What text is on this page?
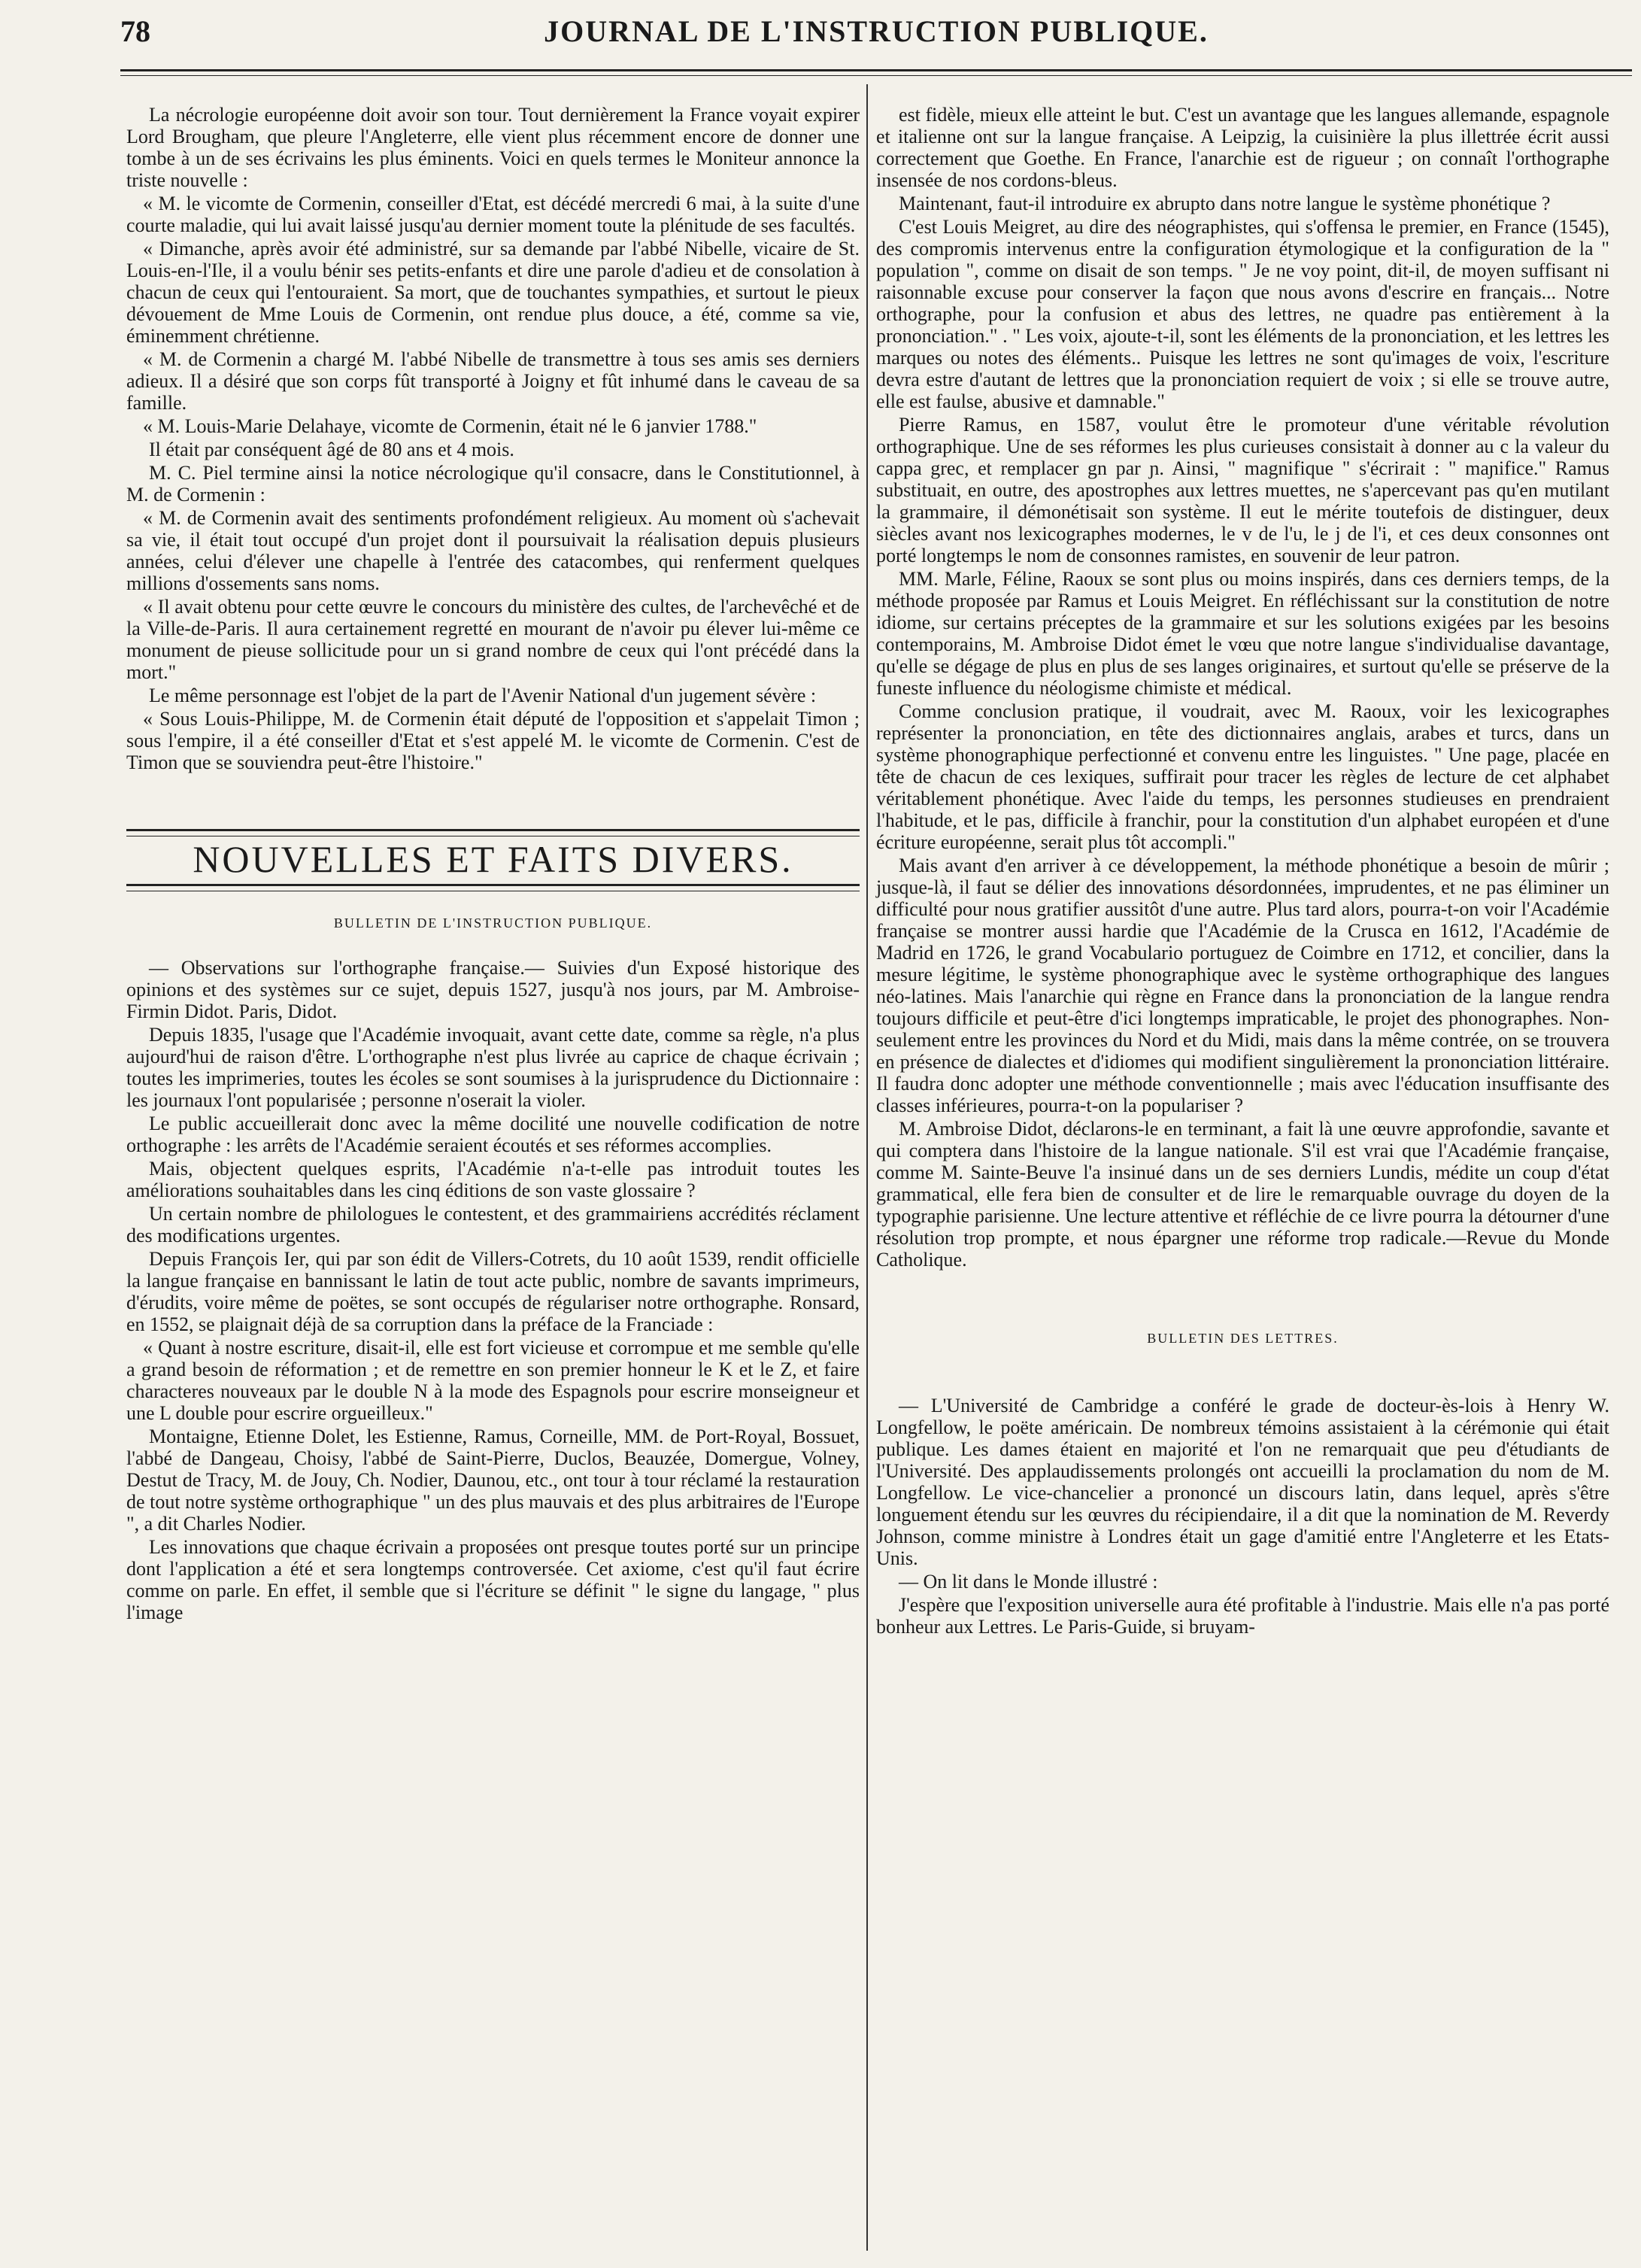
78	JOURNAL DE L'INSTRUCTION PUBLIQUE.

La nécrologie européenne doit avoir son tour. Tout dernièrement la France voyait expirer Lord Brougham, que pleure l'Angleterre, elle vient plus récemment encore de donner une tombe à un de ses écrivains les plus éminents. Voici en quels termes le Moniteur annonce la triste nouvelle :

« M. le vicomte de Cormenin, conseiller d'Etat, est décédé mercredi 6 mai, à la suite d'une courte maladie, qui lui avait laissé jusqu'au dernier moment toute la plénitude de ses facultés.

« Dimanche, après avoir été administré, sur sa demande par l'abbé Nibelle, vicaire de St. Louis-en-l'Ile, il a voulu bénir ses petits-enfants et dire une parole d'adieu et de consolation à chacun de ceux qui l'entouraient. Sa mort, que de touchantes sympathies, et surtout le pieux dévouement de Mme Louis de Cormenin, ont rendue plus douce, a été, comme sa vie, éminemment chrétienne.

« M. de Cormenin a chargé M. l'abbé Nibelle de transmettre à tous ses amis ses derniers adieux. Il a désiré que son corps fût transporté à Joigny et fût inhumé dans le caveau de sa famille.

« M. Louis-Marie Delahaye, vicomte de Cormenin, était né le 6 janvier 1788."

Il était par conséquent âgé de 80 ans et 4 mois.

M. C. Piel termine ainsi la notice nécrologique qu'il consacre, dans le Constitutionnel, à M. de Cormenin :

« M. de Cormenin avait des sentiments profondément religieux. Au moment où s'achevait sa vie, il était tout occupé d'un projet dont il poursuivait la réalisation depuis plusieurs années, celui d'élever une chapelle à l'entrée des catacombes, qui renferment quelques millions d'ossements sans noms.

« Il avait obtenu pour cette œuvre le concours du ministère des cultes, de l'archevêché et de la Ville-de-Paris. Il aura certainement regretté en mourant de n'avoir pu élever lui-même ce monument de pieuse sollicitude pour un si grand nombre de ceux qui l'ont précédé dans la mort."

Le même personnage est l'objet de la part de l'Avenir National d'un jugement sévère :

« Sous Louis-Philippe, M. de Cormenin était député de l'opposition et s'appelait Timon ; sous l'empire, il a été conseiller d'Etat et s'est appelé M. le vicomte de Cormenin. C'est de Timon que se souviendra peut-être l'histoire."

NOUVELLES ET FAITS DIVERS.
BULLETIN DE L'INSTRUCTION PUBLIQUE.

— Observations sur l'orthographe française.— Suivies d'un Exposé historique des opinions et des systèmes sur ce sujet, depuis 1527, jusqu'à nos jours, par M. Ambroise-Firmin Didot. Paris, Didot.

Depuis 1835, l'usage que l'Académie invoquait, avant cette date, comme sa règle, n'a plus aujourd'hui de raison d'être. L'orthographe n'est plus livrée au caprice de chaque écrivain ; toutes les imprimeries, toutes les écoles se sont soumises à la jurisprudence du Dictionnaire : les journaux l'ont popularisée ; personne n'oserait la violer.

Le public accueillerait donc avec la même docilité une nouvelle codification de notre orthographe : les arrêts de l'Académie seraient écoutés et ses réformes accomplies.

Mais, objectent quelques esprits, l'Académie n'a-t-elle pas introduit toutes les améliorations souhaitables dans les cinq éditions de son vaste glossaire ?

Un certain nombre de philologues le contestent, et des grammairiens accrédités réclament des modifications urgentes.

Depuis François Ier, qui par son édit de Villers-Cotrets, du 10 août 1539, rendit officielle la langue française en bannissant le latin de tout acte public, nombre de savants imprimeurs, d'érudits, voire même de poëtes, se sont occupés de régulariser notre orthographe. Ronsard, en 1552, se plaignait déjà de sa corruption dans la préface de la Franciade :

« Quant à nostre escriture, disait-il, elle est fort vicieuse et corrompue et me semble qu'elle a grand besoin de réformation ; et de remettre en son premier honneur le K et le Z, et faire characteres nouveaux par le double N à la mode des Espagnols pour escrire monseigneur et une L double pour escrire orgueilleux."

Montaigne, Etienne Dolet, les Estienne, Ramus, Corneille, MM. de Port-Royal, Bossuet, l'abbé de Dangeau, Choisy, l'abbé de Saint-Pierre, Duclos, Beauzée, Domergue, Volney, Destut de Tracy, M. de Jouy, Ch. Nodier, Daunou, etc., ont tour à tour réclamé la restauration de tout notre système orthographique " un des plus mauvais et des plus arbitraires de l'Europe ", a dit Charles Nodier.

Les innovations que chaque écrivain a proposées ont presque toutes porté sur un principe dont l'application a été et sera longtemps controversée. Cet axiome, c'est qu'il faut écrire comme on parle. En effet, il semble que si l'écriture se définit " le signe du langage, " plus l'image

est fidèle, mieux elle atteint le but. C'est un avantage que les langues allemande, espagnole et italienne ont sur la langue française. A Leipzig, la cuisinière la plus illettrée écrit aussi correctement que Goethe. En France, l'anarchie est de rigueur ; on connaît l'orthographe insensée de nos cordons-bleus.

Maintenant, faut-il introduire ex abrupto dans notre langue le système phonétique ?

C'est Louis Meigret, au dire des néographistes, qui s'offensa le premier, en France (1545), des compromis intervenus entre la configuration étymologique et la configuration de la " population ", comme on disait de son temps. " Je ne voy point, dit-il, de moyen suffisant ni raisonnable excuse pour conserver la façon que nous avons d'escrire en français... Notre orthographe, pour la confusion et abus des lettres, ne quadre pas entièrement à la prononciation." . " Les voix, ajoute-t-il, sont les éléments de la prononciation, et les lettres les marques ou notes des éléments.. Puisque les lettres ne sont qu'images de voix, l'escriture devra estre d'autant de lettres que la prononciation requiert de voix ; si elle se trouve autre, elle est faulse, abusive et damnable."

Pierre Ramus, en 1587, voulut être le promoteur d'une véritable révolution orthographique. Une de ses réformes les plus curieuses consistait à donner au c la valeur du cappa grec, et remplacer gn par ɲ. Ainsi, " magnifique " s'écrirait : " maɲifice." Ramus substituait, en outre, des apostrophes aux lettres muettes, ne s'apercevant pas qu'en mutilant la grammaire, il démonétisait son système. Il eut le mérite toutefois de distinguer, deux siècles avant nos lexicographes modernes, le v de l'u, le j de l'i, et ces deux consonnes ont porté longtemps le nom de consonnes ramistes, en souvenir de leur patron.

MM. Marle, Féline, Raoux se sont plus ou moins inspirés, dans ces derniers temps, de la méthode proposée par Ramus et Louis Meigret. En réfléchissant sur la constitution de notre idiome, sur certains préceptes de la grammaire et sur les solutions exigées par les besoins contemporains, M. Ambroise Didot émet le vœu que notre langue s'individualise davantage, qu'elle se dégage de plus en plus de ses langes originaires, et surtout qu'elle se préserve de la funeste influence du néologisme chimiste et médical.

Comme conclusion pratique, il voudrait, avec M. Raoux, voir les lexicographes représenter la prononciation, en tête des dictionnaires anglais, arabes et turcs, dans un système phonographique perfectionné et convenu entre les linguistes. " Une page, placée en tête de chacun de ces lexiques, suffirait pour tracer les règles de lecture de cet alphabet véritablement phonétique. Avec l'aide du temps, les personnes studieuses en prendraient l'habitude, et le pas, difficile à franchir, pour la constitution d'un alphabet européen et d'une écriture européenne, serait plus tôt accompli."

Mais avant d'en arriver à ce développement, la méthode phonétique a besoin de mûrir ; jusque-là, il faut se délier des innovations désordonnées, imprudentes, et ne pas éliminer un difficulté pour nous gratifier aussitôt d'une autre. Plus tard alors, pourra-t-on voir l'Académie française se montrer aussi hardie que l'Académie de la Crusca en 1612, l'Académie de Madrid en 1726, le grand Vocabulario portuguez de Coimbre en 1712, et concilier, dans la mesure légitime, le système phonographique avec le système orthographique des langues néo-latines. Mais l'anarchie qui règne en France dans la prononciation de la langue rendra toujours difficile et peut-être d'ici longtemps impraticable, le projet des phonographes. Non-seulement entre les provinces du Nord et du Midi, mais dans la même contrée, on se trouvera en présence de dialectes et d'idiomes qui modifient singulièrement la prononciation littéraire. Il faudra donc adopter une méthode conventionnelle ; mais avec l'éducation insuffisante des classes inférieures, pourra-t-on la populariser ?

M. Ambroise Didot, déclarons-le en terminant, a fait là une œuvre approfondie, savante et qui comptera dans l'histoire de la langue nationale. S'il est vrai que l'Académie française, comme M. Sainte-Beuve l'a insinué dans un de ses derniers Lundis, médite un coup d'état grammatical, elle fera bien de consulter et de lire le remarquable ouvrage du doyen de la typographie parisienne. Une lecture attentive et réfléchie de ce livre pourra la détourner d'une résolution trop prompte, et nous épargner une réforme trop radicale.—Revue du Monde Catholique.

BULLETIN DES LETTRES.

— L'Université de Cambridge a conféré le grade de docteur-ès-lois à Henry W. Longfellow, le poëte américain. De nombreux témoins assistaient à la cérémonie qui était publique. Les dames étaient en majorité et l'on ne remarquait que peu d'étudiants de l'Université. Des applaudissements prolongés ont accueilli la proclamation du nom de M. Longfellow. Le vice-chancelier a prononcé un discours latin, dans lequel, après s'être longuement étendu sur les œuvres du récipiendaire, il a dit que la nomination de M. Reverdy Johnson, comme ministre à Londres était un gage d'amitié entre l'Angleterre et les Etats-Unis.

— On lit dans le Monde illustré :

J'espère que l'exposition universelle aura été profitable à l'industrie. Mais elle n'a pas porté bonheur aux Lettres. Le Paris-Guide, si bruyam-
